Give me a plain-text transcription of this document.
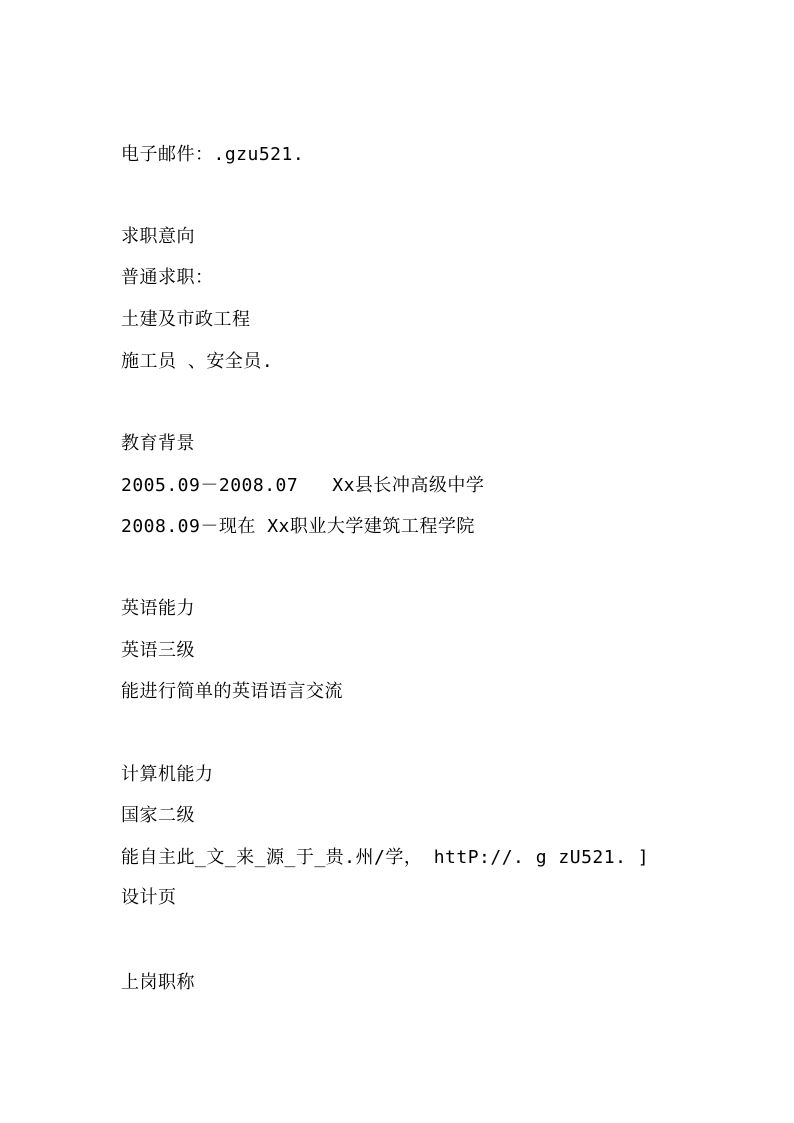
电子邮件：.gzu521.
求职意向
普通求职：
土建及市政工程
施工员 、安全员.
教育背景
2005.09－2008.07   Xx县长冲高级中学
2008.09－现在 Xx职业大学建筑工程学院
英语能力
英语三级
能进行简单的英语语言交流
计算机能力
国家二级
能自主此_文_来_源_于_贵.州/学， httP://. g zU521. ]
设计页
上岗职称
